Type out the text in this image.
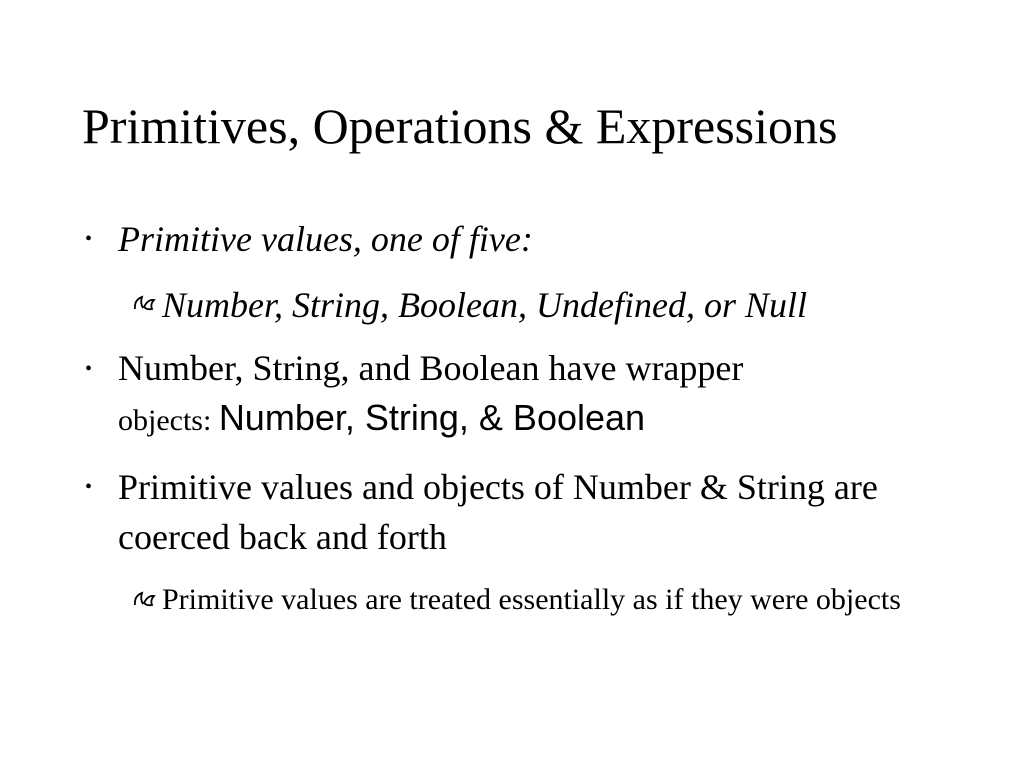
Primitives, Operations & Expressions
• Primitive values, one of five:
Number, String, Boolean, Undefined, or Null
• Number, String, and Boolean have wrapper
objects: Number, String, & Boolean
• Primitive values and objects of Number & String are coerced back and forth
Primitive values are treated essentially as if they were objects
